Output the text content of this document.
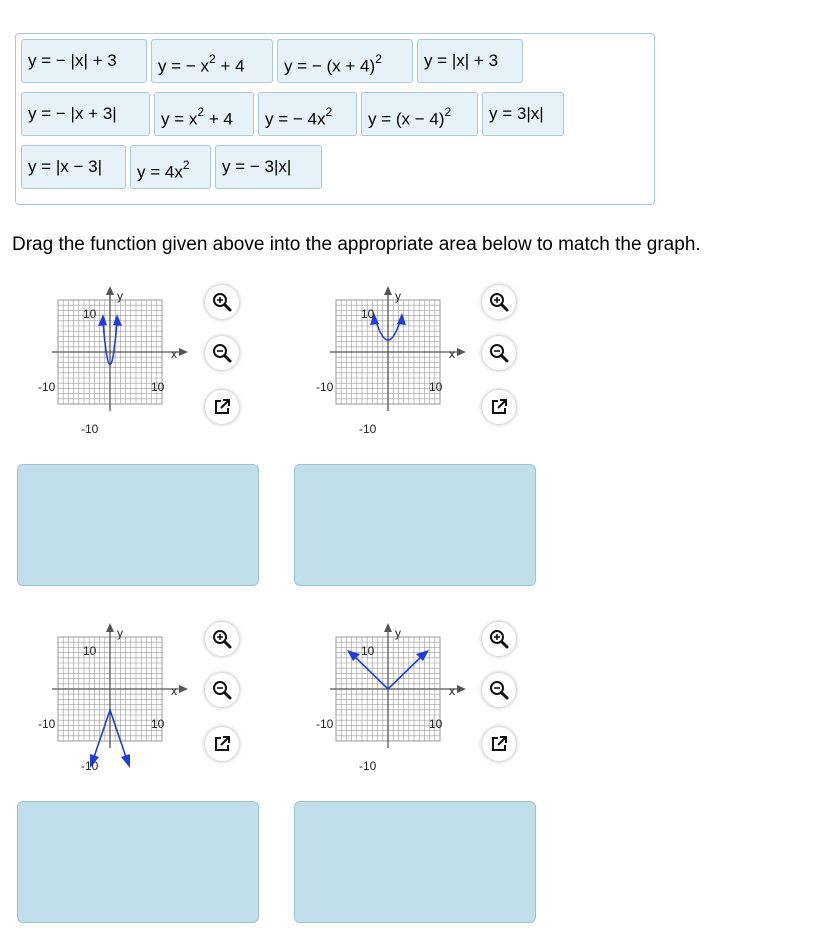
y = − |x| + 3	y = − $x^2 + 4$	y = − $(x + 4)^2$	y = |x| + 3
y = − |x + 3|	$y = x^2 + 4$	y = − $4x^2$	$y = (x - 4)^2$	y = 3|x|
y = |x − 3|	$y = 4x^2$	y = − 3|x|
Drag the function given above into the appropriate area below to match the graph.
y
x
10
10
-10
-10
y
x
10
10
-10
-10
y
x
10
10
-10
-10
y
x
10
10
-10
-10
